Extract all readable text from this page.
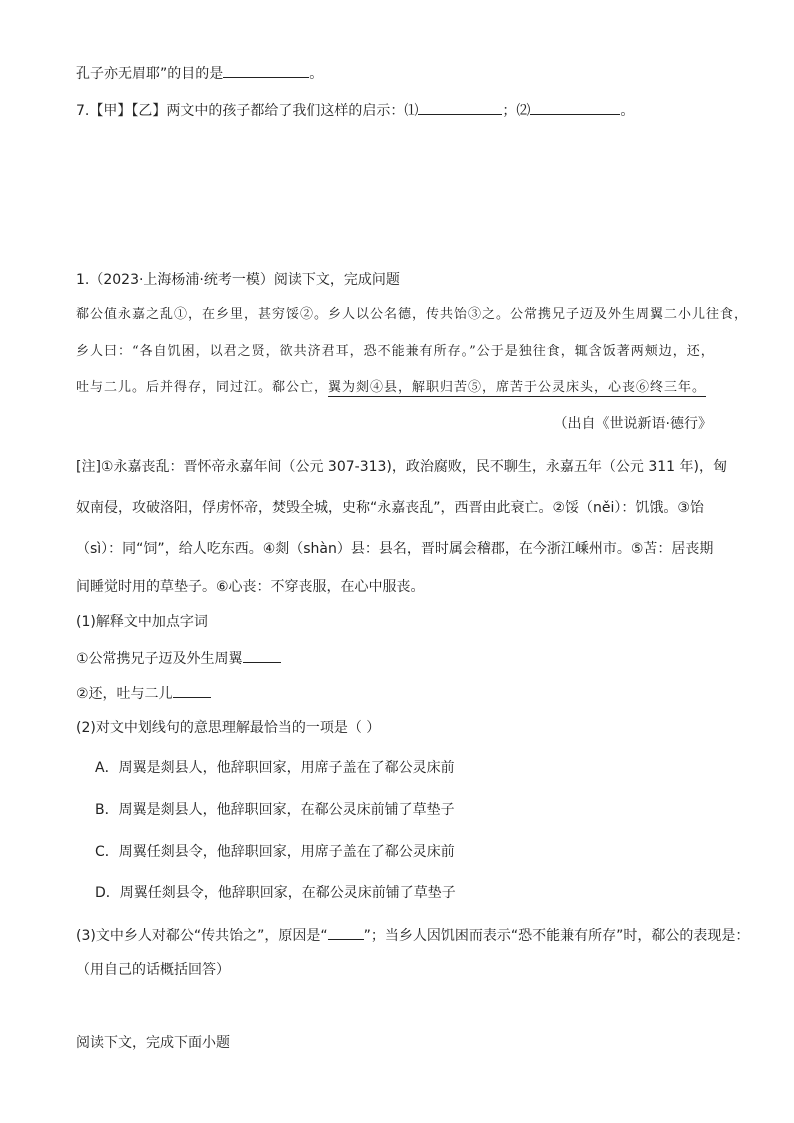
孔子亦无眉耶”的目的是	。
7.【甲】【乙】两文中的孩子都给了我们这样的启示：⑴	；⑵	。
1.（2023·上海杨浦·统考一模）阅读下文，完成问题
郗公值永嘉之乱①，在乡里，甚穷馁②。乡人以公名德，传共饴③之。公常携兄子迈及外生周翼二小儿往食，
乡人曰：“各自饥困，以君之贤，欲共济君耳，恐不能兼有所存。”公于是独往食，辄含饭著两颊边，还，
吐与二儿。后并得存，同过江。郗公亡，翼为剡④县，解职归苦⑤，席苦于公灵床头，心丧⑥终三年。
（出自《世说新语·德行》
[注]①永嘉丧乱：晋怀帝永嘉年间（公元 307-313)，政治腐败，民不聊生，永嘉五年（公元 311 年)，匈
奴南侵，攻破洛阳，俘虏怀帝，焚毁全城，史称“永嘉丧乱”，西晋由此衰亡。②馁（něi）：饥饿。③饴
（sì）：同“饲”，给人吃东西。④剡（shàn）县：县名，晋时属会稽郡，在今浙江嵊州市。⑤苫：居丧期
间睡觉时用的草垫子。⑥心丧：不穿丧服，在心中服丧。
(1)解释文中加点字词
①公常携兄子迈及外生周翼
②还，吐与二儿
(2)对文中划线句的意思理解最恰当的一项是（ ）
A．周翼是剡县人，他辞职回家，用席子盖在了郗公灵床前
B．周翼是剡县人，他辞职回家，在郗公灵床前铺了草垫子
C．周翼任剡县令，他辞职回家，用席子盖在了郗公灵床前
D．周翼任剡县令，他辞职回家，在郗公灵床前铺了草垫子
(3)文中乡人对郗公“传共饴之”，原因是“	”；当乡人因饥困而表示“恐不能兼有所存”时，郗公的表现是：
（用自己的话概括回答）
阅读下文，完成下面小题
